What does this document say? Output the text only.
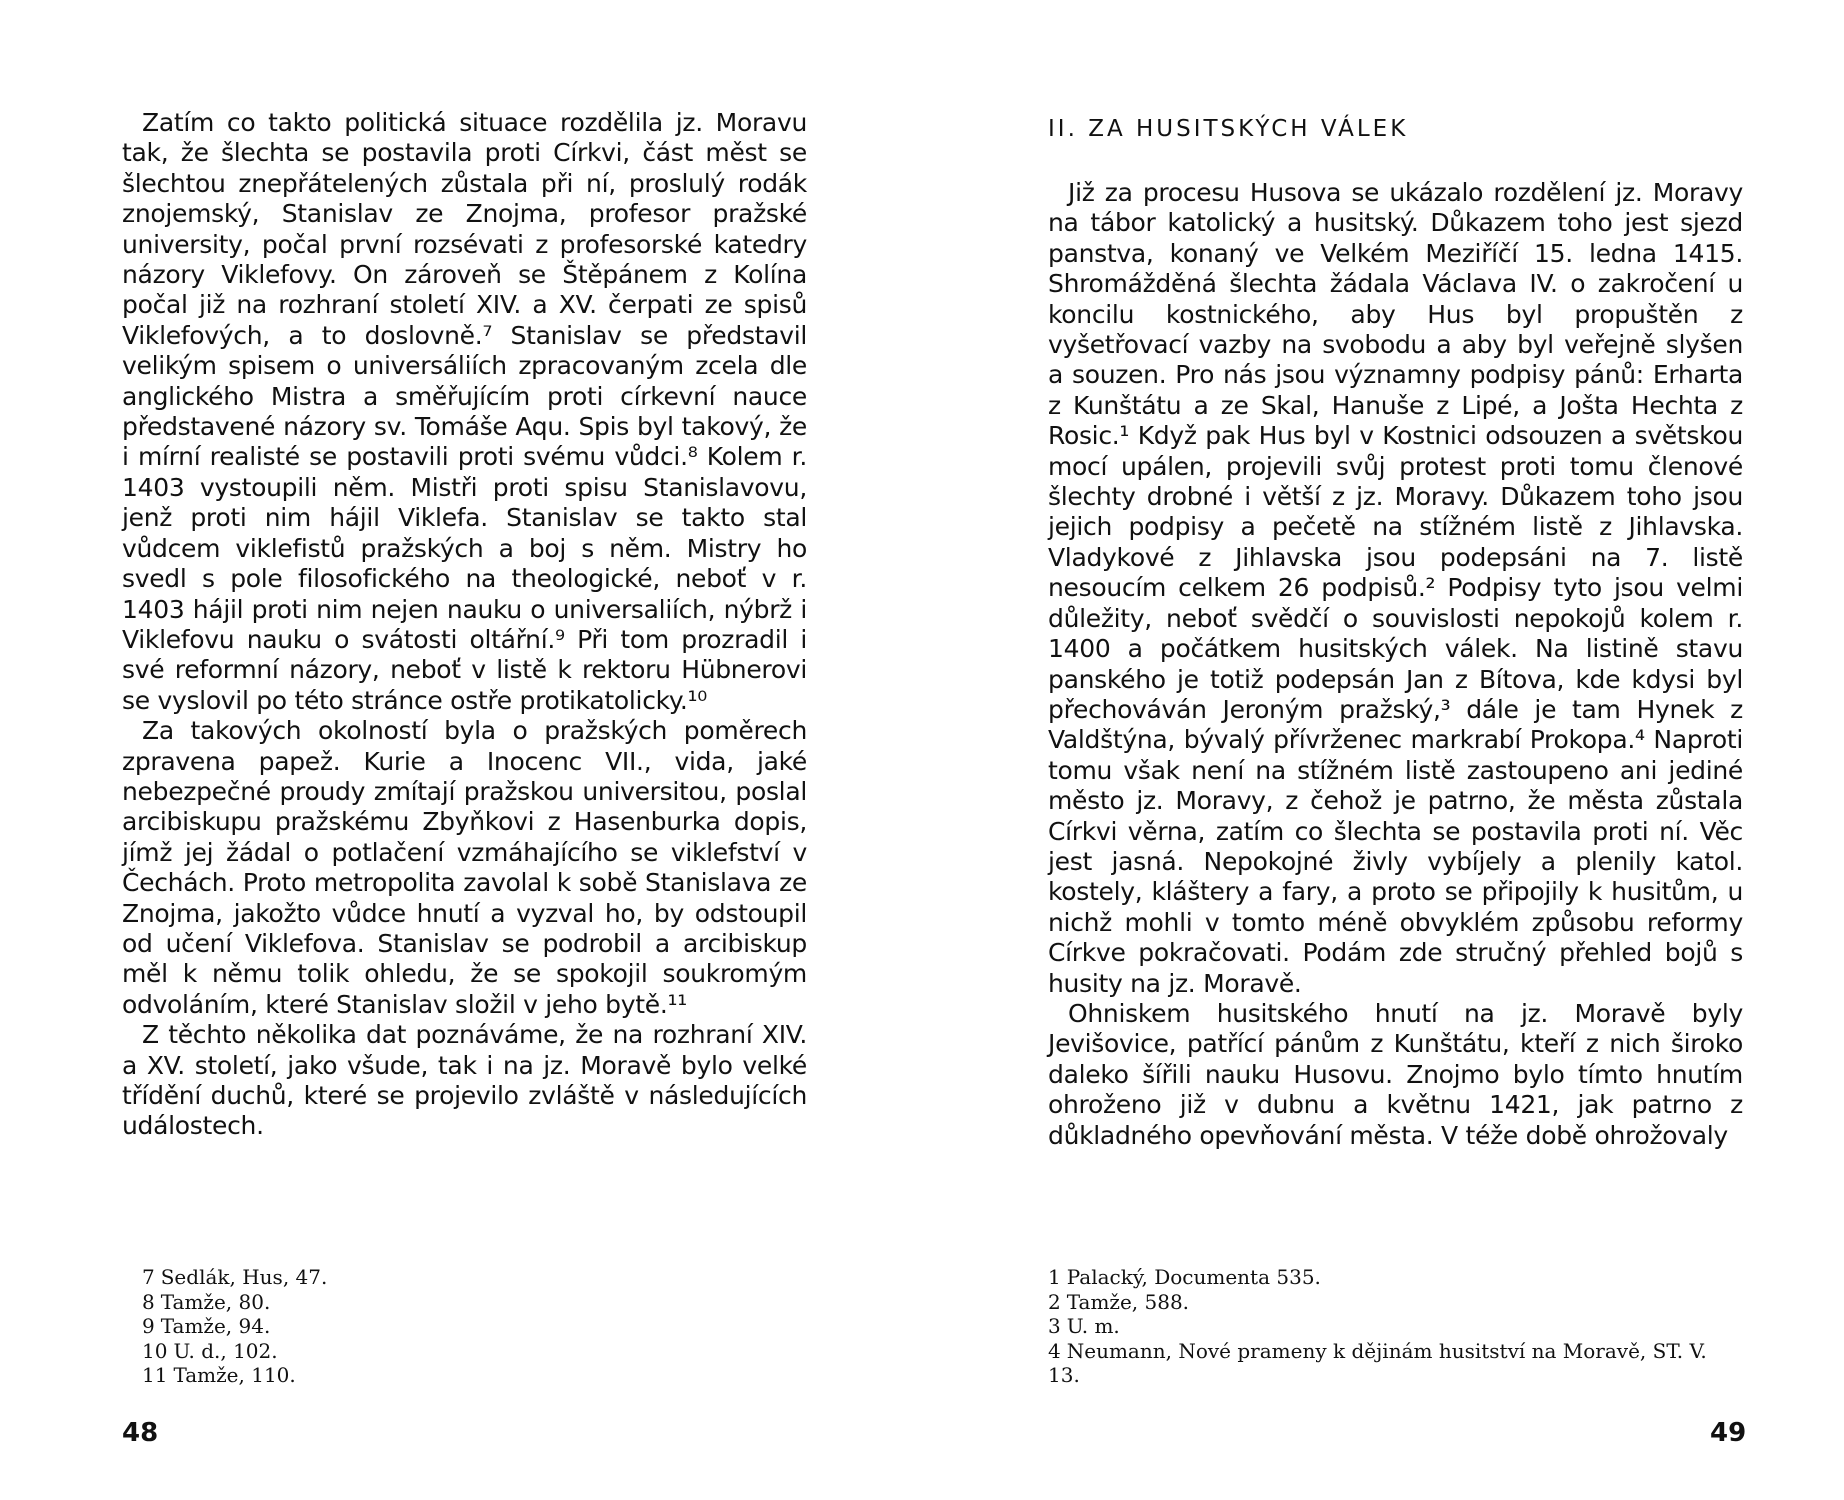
Zatím co takto politická situace rozdělila jz. Moravu tak, že šlechta se postavila proti Církvi, část měst se šlechtou znepřátelených zůstala při ní, proslulý rodák znojemský, Stanislav ze Znojma, profesor pražské university, počal první rozsévati z profesorské katedry názory Viklefovy. On zároveň se Štěpánem z Kolína počal již na rozhraní století XIV. a XV. čerpati ze spisů Viklefových, a to doslovně.⁷ Stanislav se představil velikým spisem o universáliích zpracovaným zcela dle anglického Mistra a směřujícím proti církevní nauce představené názory sv. Tomáše Aqu. Spis byl takový, že i mírní realisté se postavili proti svému vůdci.⁸ Kolem r. 1403 vystoupili něm. Mistři proti spisu Stanislavovu, jenž proti nim hájil Viklefa. Stanislav se takto stal vůdcem viklefistů pražských a boj s něm. Mistry ho svedl s pole filosofického na theologické, neboť v r. 1403 hájil proti nim nejen nauku o universaliích, nýbrž i Viklefovu nauku o svátosti oltářní.⁹ Při tom prozradil i své reformní názory, neboť v listě k rektoru Hübnerovi se vyslovil po této stránce ostře protikatolicky.¹⁰

Za takových okolností byla o pražských poměrech zpravena papež. Kurie a Inocenc VII., vida, jaké nebezpečné proudy zmítají pražskou universitou, poslal arcibiskupu pražskému Zbyňkovi z Hasenburka dopis, jímž jej žádal o potlačení vzmáhajícího se viklefství v Čechách. Proto metropolita zavolal k sobě Stanislava ze Znojma, jakožto vůdce hnutí a vyzval ho, by odstoupil od učení Viklefova. Stanislav se podrobil a arcibiskup měl k němu tolik ohledu, že se spokojil soukromým odvoláním, které Stanislav složil v jeho bytě.¹¹

Z těchto několika dat poznáváme, že na rozhraní XIV. a XV. století, jako všude, tak i na jz. Moravě bylo velké třídění duchů, které se projevilo zvláště v následujících událostech.

7 Sedlák, Hus, 47.

8 Tamže, 80.

9 Tamže, 94.

10 U. d., 102.

11 Tamže, 110.

48
II. ZA HUSITSKÝCH VÁLEK

Již za procesu Husova se ukázalo rozdělení jz. Moravy na tábor katolický a husitský. Důkazem toho jest sjezd panstva, konaný ve Velkém Meziříčí 15. ledna 1415. Shromážděná šlechta žádala Václava IV. o zakročení u koncilu kostnického, aby Hus byl propuštěn z vyšetřovací vazby na svobodu a aby byl veřejně slyšen a souzen. Pro nás jsou významny podpisy pánů: Erharta z Kunštátu a ze Skal, Hanuše z Lipé, a Jošta Hechta z Rosic.¹ Když pak Hus byl v Kostnici odsouzen a světskou mocí upálen, projevili svůj protest proti tomu členové šlechty drobné i větší z jz. Moravy. Důkazem toho jsou jejich podpisy a pečetě na stížném listě z Jihlavska. Vladykové z Jihlavska jsou podepsáni na 7. listě nesoucím celkem 26 podpisů.² Podpisy tyto jsou velmi důležity, neboť svědčí o souvislosti nepokojů kolem r. 1400 a počátkem husitských válek. Na listině stavu panského je totiž podepsán Jan z Bítova, kde kdysi byl přechováván Jeroným pražský,³ dále je tam Hynek z Valdštýna, bývalý přívrženec markrabí Prokopa.⁴ Naproti tomu však není na stížném listě zastoupeno ani jediné město jz. Moravy, z čehož je patrno, že města zůstala Církvi věrna, zatím co šlechta se postavila proti ní. Věc jest jasná. Nepokojné živly vybíjely a plenily katol. kostely, kláštery a fary, a proto se připojily k husitům, u nichž mohli v tomto méně obvyklém způsobu reformy Církve pokračovati. Podám zde stručný přehled bojů s husity na jz. Moravě.

Ohniskem husitského hnutí na jz. Moravě byly Jevišovice, patřící pánům z Kunštátu, kteří z nich široko daleko šířili nauku Husovu. Znojmo bylo tímto hnutím ohroženo již v dubnu a květnu 1421, jak patrno z důkladného opevňování města. V téže době ohrožovaly

1 Palacký, Documenta 535.

2 Tamže, 588.

3 U. m.

4 Neumann, Nové prameny k dějinám husitství na Moravě, ST. V. 13.

49
